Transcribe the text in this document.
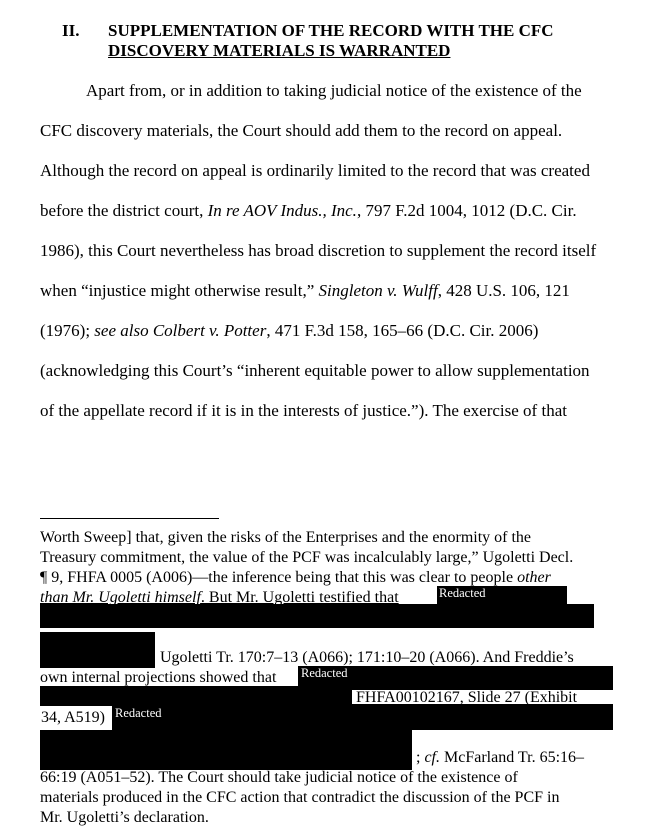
II. SUPPLEMENTATION OF THE RECORD WITH THE CFC
DISCOVERY MATERIALS IS WARRANTED
Apart from, or in addition to taking judicial notice of the existence of the
CFC discovery materials, the Court should add them to the record on appeal.
Although the record on appeal is ordinarily limited to the record that was created
before the district court, In re AOV Indus., Inc., 797 F.2d 1004, 1012 (D.C. Cir.
1986), this Court nevertheless has broad discretion to supplement the record itself
when “injustice might otherwise result,” Singleton v. Wulff, 428 U.S. 106, 121
(1976); see also Colbert v. Potter, 471 F.3d 158, 165–66 (D.C. Cir. 2006)
(acknowledging this Court’s “inherent equitable power to allow supplementation
of the appellate record if it is in the interests of justice.”). The exercise of that
Redacted
Redacted
Redacted
Worth Sweep] that, given the risks of the Enterprises and the enormity of the
Treasury commitment, the value of the PCF was incalculably large,” Ugoletti Decl.
¶ 9, FHFA 0005 (A006)—the inference being that this was clear to people other
than Mr. Ugoletti himself. But Mr. Ugoletti testified that
Ugoletti Tr. 170:7–13 (A066); 171:10–20 (A066). And Freddie’s
own internal projections showed that
FHFA00102167, Slide 27 (Exhibit
34, A519)
; cf. McFarland Tr. 65:16–
66:19 (A051–52). The Court should take judicial notice of the existence of
materials produced in the CFC action that contradict the discussion of the PCF in
Mr. Ugoletti’s declaration.
